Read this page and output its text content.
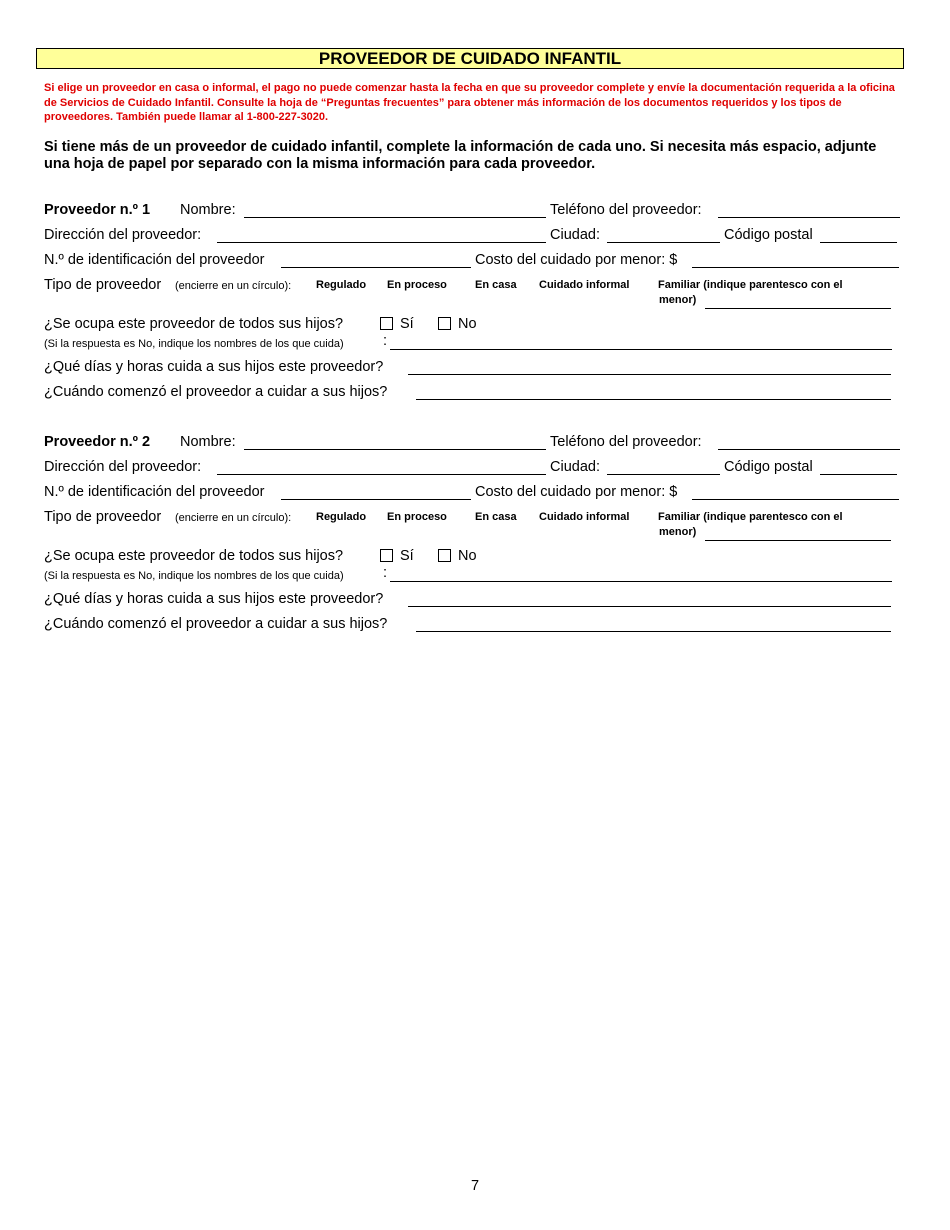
PROVEEDOR DE CUIDADO INFANTIL
Si elige un proveedor en casa o informal, el pago no puede comenzar hasta la fecha en que su proveedor complete y envíe la documentación requerida a la oficina de Servicios de Cuidado Infantil. Consulte la hoja de “Preguntas frecuentes” para obtener más información de los documentos requeridos y los tipos de proveedores. También puede llamar al 1-800-227-3020.
Si tiene más de un proveedor de cuidado infantil, complete la información de cada uno. Si necesita más espacio, adjunte una hoja de papel por separado con la misma información para cada proveedor.
Proveedor n.º 1 Nombre:	Teléfono del proveedor:
Dirección del proveedor:	Ciudad:	Código postal
N.º de identificación del proveedor	Costo del cuidado por menor: $
Tipo de proveedor (encierre en un círculo): Regulado En proceso	En casa Cuidado informal	Familiar (indique parentesco con el
menor)
¿Se ocupa este proveedor de todos sus hijos?	Sí	No
(Si la respuesta es No, indique los nombres de los que cuida)	:
¿Qué días y horas cuida a sus hijos este proveedor?
¿Cuándo comenzó el proveedor a cuidar a sus hijos?
Proveedor n.º 2 Nombre:	Teléfono del proveedor:
Dirección del proveedor:	Ciudad:	Código postal
N.º de identificación del proveedor	Costo del cuidado por menor: $
Tipo de proveedor (encierre en un círculo): Regulado En proceso	En casa Cuidado informal	Familiar (indique parentesco con el
menor)
¿Se ocupa este proveedor de todos sus hijos?	Sí	No
(Si la respuesta es No, indique los nombres de los que cuida)	:
¿Qué días y horas cuida a sus hijos este proveedor?
¿Cuándo comenzó el proveedor a cuidar a sus hijos?
7
